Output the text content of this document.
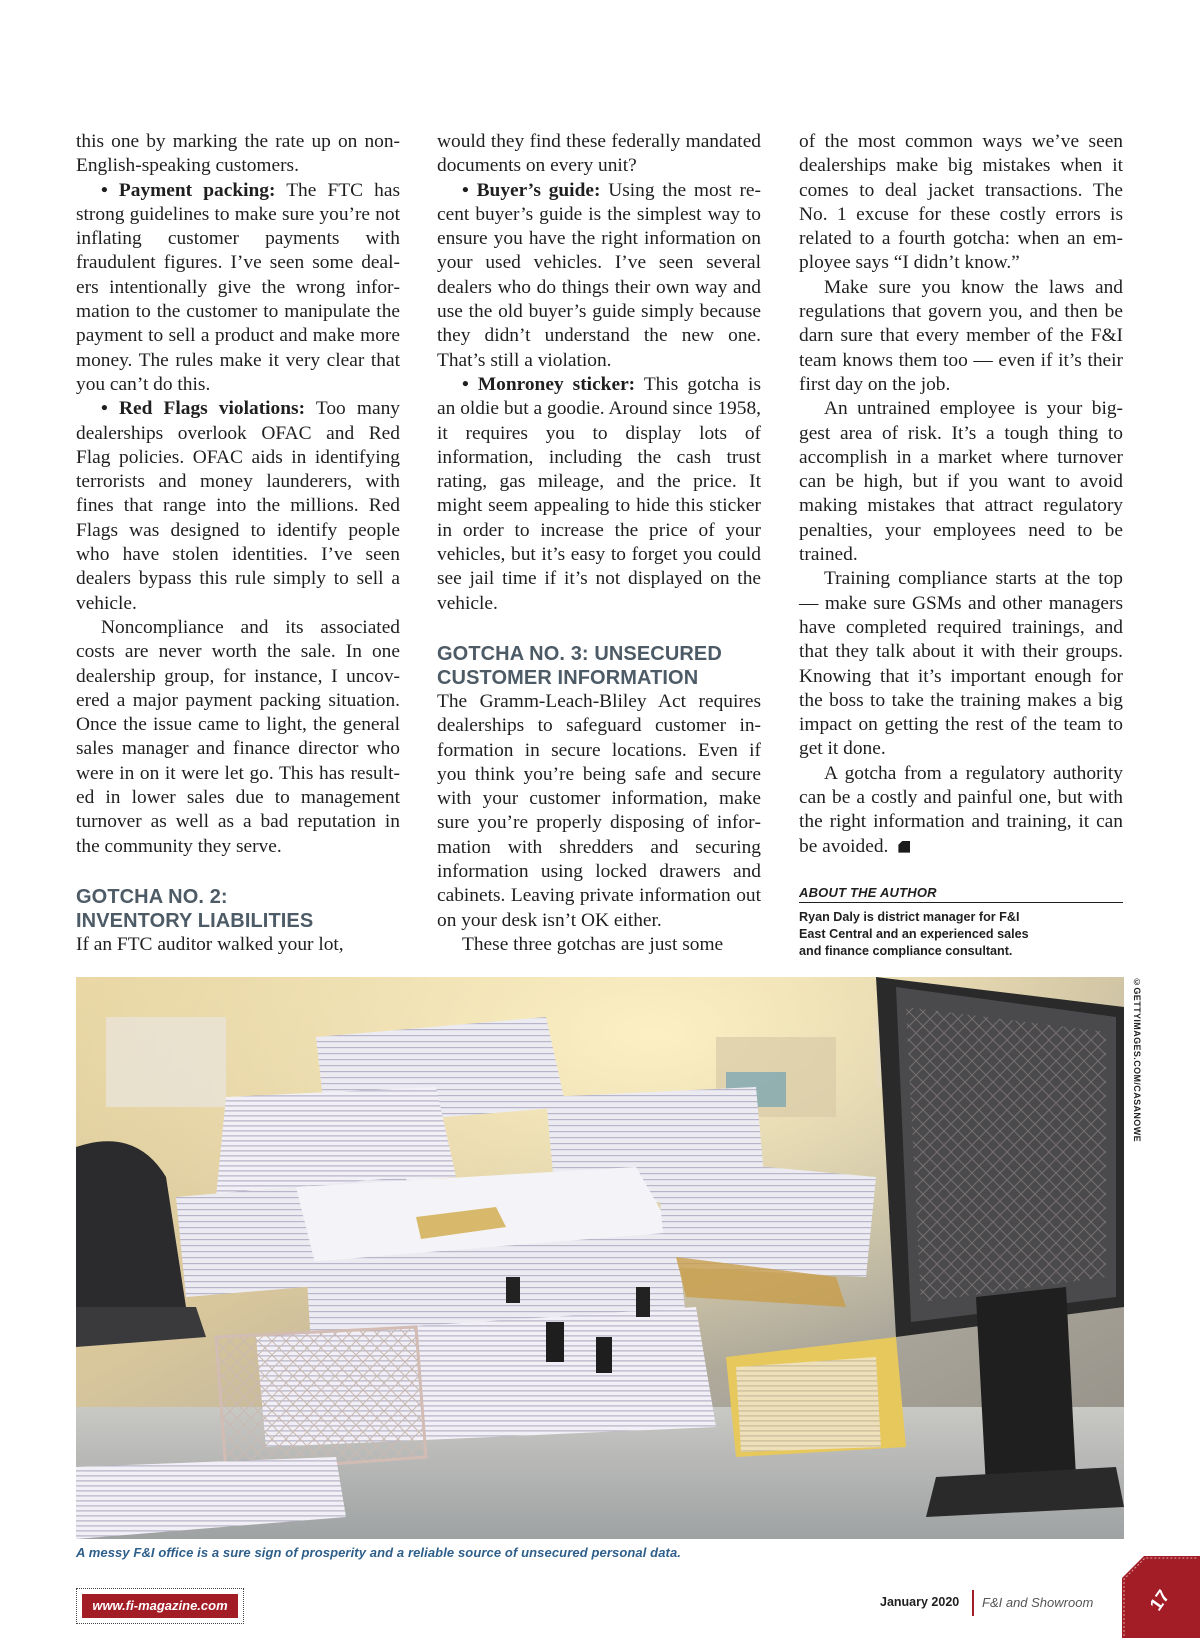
this one by marking the rate up on non-English-speaking customers.

• Payment packing: The FTC has strong guidelines to make sure you’re not inflating customer payments with fraudulent figures. I’ve seen some dealers intentionally give the wrong information to the customer to manipulate the payment to sell a product and make more money. The rules make it very clear that you can’t do this.

• Red Flags violations: Too many dealerships overlook OFAC and Red Flag policies. OFAC aids in identifying terrorists and money launderers, with fines that range into the millions. Red Flags was designed to identify people who have stolen identities. I’ve seen dealers bypass this rule simply to sell a vehicle.

Noncompliance and its associated costs are never worth the sale. In one dealership group, for instance, I uncovered a major payment packing situation. Once the issue came to light, the general sales manager and finance director who were in on it were let go. This has resulted in lower sales due to management turnover as well as a bad reputation in the community they serve.

GOTCHA NO. 2:
INVENTORY LIABILITIES

If an FTC auditor walked your lot,

would they find these federally mandated documents on every unit?

• Buyer’s guide: Using the most recent buyer’s guide is the simplest way to ensure you have the right information on your used vehicles. I’ve seen several dealers who do things their own way and use the old buyer’s guide simply because they didn’t understand the new one. That’s still a violation.

• Monroney sticker: This gotcha is an oldie but a goodie. Around since 1958, it requires you to display lots of information, including the cash trust rating, gas mileage, and the price. It might seem appealing to hide this sticker in order to increase the price of your vehicles, but it’s easy to forget you could see jail time if it’s not displayed on the vehicle.

GOTCHA NO. 3: UNSECURED CUSTOMER INFORMATION

The Gramm-Leach-Bliley Act requires dealerships to safeguard customer information in secure locations. Even if you think you’re being safe and secure with your customer information, make sure you’re properly disposing of information with shredders and securing information using locked drawers and cabinets. Leaving private information out on your desk isn’t OK either.

These three gotchas are just some

of the most common ways we’ve seen dealerships make big mistakes when it comes to deal jacket transactions. The No. 1 excuse for these costly errors is related to a fourth gotcha: when an employee says “I didn’t know.”

Make sure you know the laws and regulations that govern you, and then be darn sure that every member of the F&I team knows them too — even if it’s their first day on the job.

An untrained employee is your biggest area of risk. It’s a tough thing to accomplish in a market where turnover can be high, but if you want to avoid making mistakes that attract regulatory penalties, your employees need to be trained.

Training compliance starts at the top — make sure GSMs and other managers have completed required trainings, and that they talk about it with their groups. Knowing that it’s important enough for the boss to take the training makes a big impact on getting the rest of the team to get it done.

A gotcha from a regulatory authority can be a costly and painful one, but with the right information and training, it can be avoided.

ABOUT THE AUTHOR
Ryan Daly is district manager for F&I East Central and an experienced sales and finance compliance consultant.
©GETTYIMAGES.COM/CASANOWE
A messy F&I office is a sure sign of prosperity and a reliable source of unsecured personal data.
www.fi-magazine.com	January 2020 F&I and Showroom	17
